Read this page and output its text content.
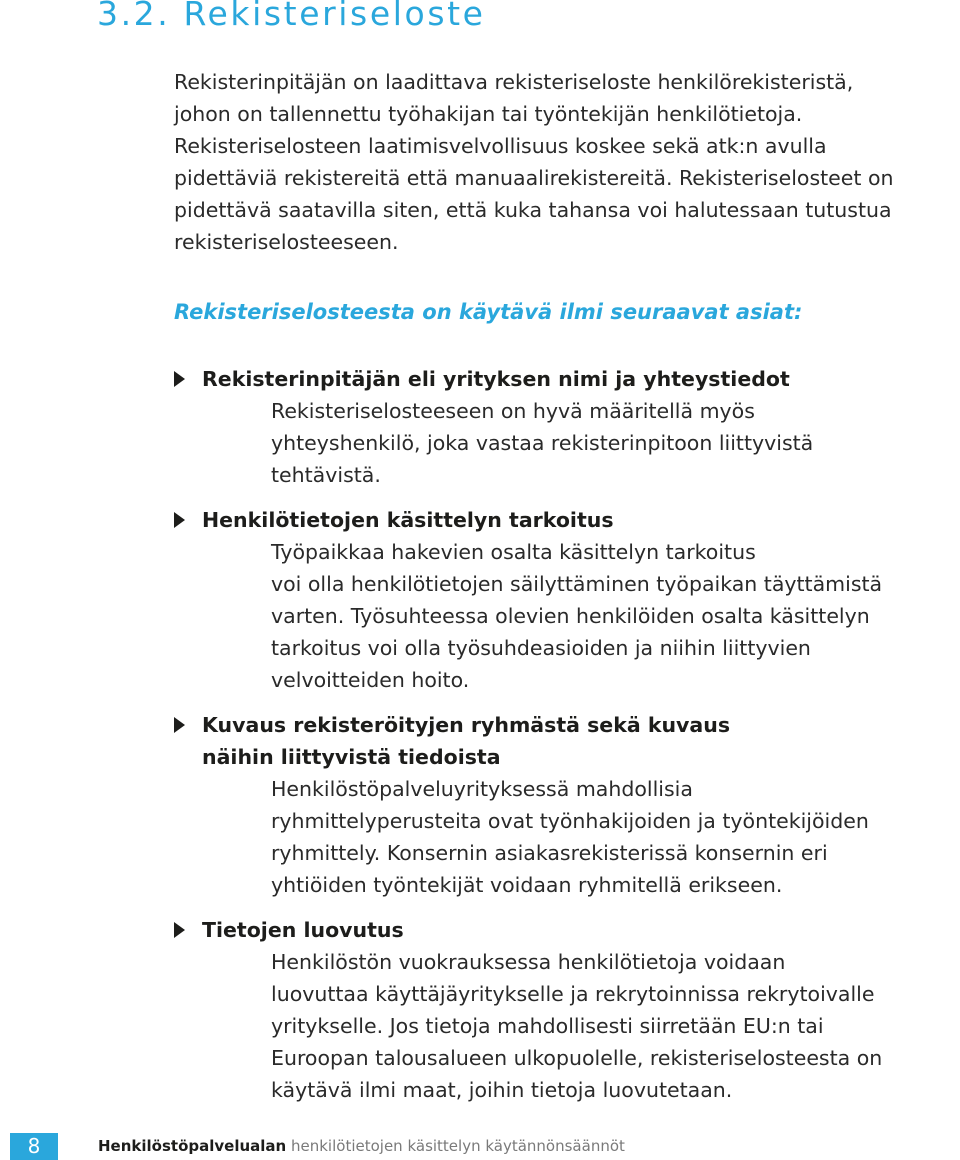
3.2. Rekisteriseloste

Rekisterinpitäjän on laadittava rekisteriseloste henkilörekisteristä,
johon on tallennettu työhakijan tai työntekijän henkilötietoja.
Rekisteriselosteen laatimisvelvollisuus koskee sekä atk:n avulla
pidettäviä rekistereitä että manuaalirekistereitä. Rekisteriselosteet on
pidettävä saatavilla siten, että kuka tahansa voi halutessaan tutustua
rekisteriselosteeseen.

Rekisteriselosteesta on käytävä ilmi seuraavat asiat:

Rekisterinpitäjän eli yrityksen nimi ja yhteystiedot

Rekisteriselosteeseen on hyvä määritellä myös
yhteyshenkilö, joka vastaa rekisterinpitoon liittyvistä
tehtävistä.

Henkilötietojen käsittelyn tarkoitus

Työpaikkaa hakevien osalta käsittelyn tarkoitus
voi olla henkilötietojen säilyttäminen työpaikan täyttämistä
varten. Työsuhteessa olevien henkilöiden osalta käsittelyn
tarkoitus voi olla työsuhdeasioiden ja niihin liittyvien
velvoitteiden hoito.

Kuvaus rekisteröityjen ryhmästä sekä kuvaus
näihin liittyvistä tiedoista

Henkilöstöpalveluyrityksessä mahdollisia
ryhmittelyperusteita ovat työnhakijoiden ja työntekijöiden
ryhmittely. Konsernin asiakasrekisterissä konsernin eri
yhtiöiden työntekijät voidaan ryhmitellä erikseen.

Tietojen luovutus

Henkilöstön vuokrauksessa henkilötietoja voidaan
luovuttaa käyttäjäyritykselle ja rekrytoinnissa rekrytoivalle
yritykselle. Jos tietoja mahdollisesti siirretään EU:n tai
Euroopan talousalueen ulkopuolelle, rekisteriselosteesta on
käytävä ilmi maat, joihin tietoja luovutetaan.

8	Henkilöstöpalvelualan henkilötietojen käsittelyn käytännönsäännöt
